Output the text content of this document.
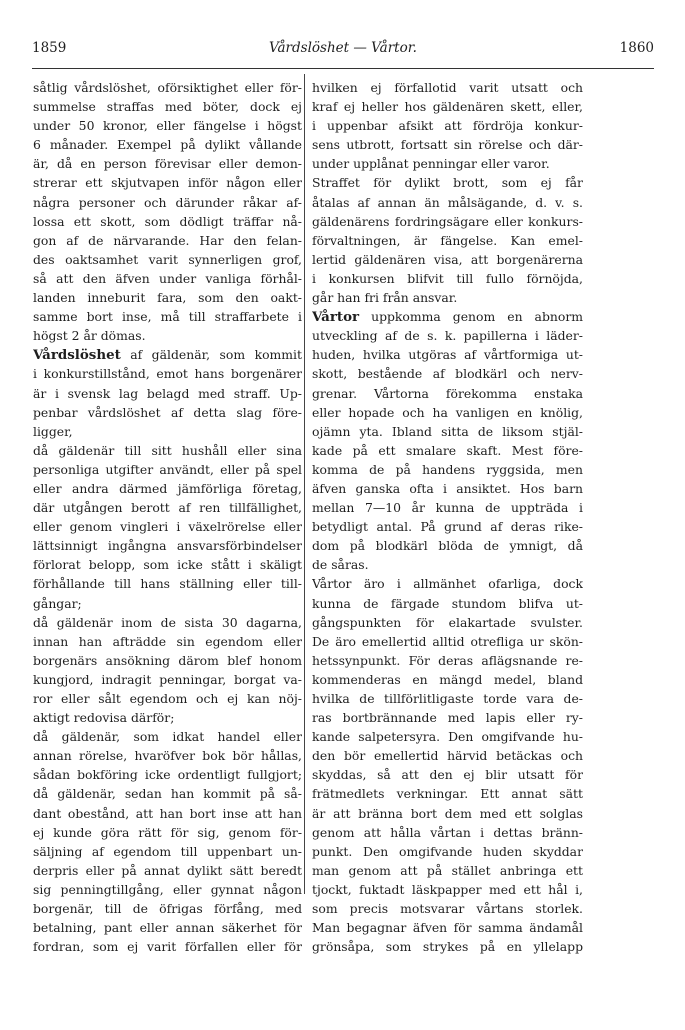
1859	Vårdslöshet — Vårtor.	1860
såtlig vårdslöshet, oförsiktighet eller för-
summelse straffas med böter, dock ej
under 50 kronor, eller fängelse i högst
6 månader. Exempel på dylikt vållande
är, då en person förevisar eller demon-
strerar ett skjutvapen inför någon eller
några personer och därunder råkar af-
lossa ett skott, som dödligt träffar nå-
gon af de närvarande. Har den felan-
des oaktsamhet varit synnerligen grof,
så att den äfven under vanliga förhål-
landen inneburit fara, som den oakt-
samme bort inse, må till straffarbete i
högst 2 år dömas.
Vårdslöshet af gäldenär, som kommit
i konkurstillstånd, emot hans borgenärer
är i svensk lag belagd med straff. Up-
penbar vårdslöshet af detta slag före-
ligger,
då gäldenär till sitt hushåll eller sina
personliga utgifter användt, eller på spel
eller andra därmed jämförliga företag,
där utgången berott af ren tillfällighet,
eller genom vingleri i växelrörelse eller
lättsinnigt ingångna ansvarsförbindelser
förlorat belopp, som icke stått i skäligt
förhållande till hans ställning eller till-
gångar;
då gäldenär inom de sista 30 dagarna,
innan han afträdde sin egendom eller
borgenärs ansökning därom blef honom
kungjord, indragit penningar, borgat va-
ror eller sålt egendom och ej kan nöj-
aktigt redovisa därför;
då gäldenär, som idkat handel eller
annan rörelse, hvaröfver bok bör hållas,
sådan bokföring icke ordentligt fullgjort;
då gäldenär, sedan han kommit på så-
dant obestånd, att han bort inse att han
ej kunde göra rätt för sig, genom för-
säljning af egendom till uppenbart un-
derpris eller på annat dylikt sätt beredt
sig penningtillgång, eller gynnat någon
borgenär, till de öfrigas förfång, med
betalning, pant eller annan säkerhet för
fordran, som ej varit förfallen eller för
hvilken ej förfallotid varit utsatt och
kraf ej heller hos gäldenären skett, eller,
i uppenbar afsikt att fördröja konkur-
sens utbrott, fortsatt sin rörelse och där-
under upplånat penningar eller varor.
Straffet för dylikt brott, som ej får
åtalas af annan än målsägande, d. v. s.
gäldenärens fordringsägare eller konkurs-
förvaltningen, är fängelse. Kan emel-
lertid gäldenären visa, att borgenärerna
i konkursen blifvit till fullo förnöjda,
går han fri från ansvar.
Vårtor uppkomma genom en abnorm
utveckling af de s. k. papillerna i läder-
huden, hvilka utgöras af vårtformiga ut-
skott, bestående af blodkärl och nerv-
grenar. Vårtorna förekomma enstaka
eller hopade och ha vanligen en knölig,
ojämn yta. Ibland sitta de liksom stjäl-
kade på ett smalare skaft. Mest före-
komma de på handens ryggsida, men
äfven ganska ofta i ansiktet. Hos barn
mellan 7—10 år kunna de uppträda i
betydligt antal. På grund af deras rike-
dom på blodkärl blöda de ymnigt, då
de såras.
Vårtor äro i allmänhet ofarliga, dock
kunna de färgade stundom blifva ut-
gångspunkten för elakartade svulster.
De äro emellertid alltid otrefliga ur skön-
hetssynpunkt. För deras aflägsnande re-
kommenderas en mängd medel, bland
hvilka de tillförlitligaste torde vara de-
ras bortbrännande med lapis eller ry-
kande salpetersyra. Den omgifvande hu-
den bör emellertid härvid betäckas och
skyddas, så att den ej blir utsatt för
frätmedlets verkningar. Ett annat sätt
är att bränna bort dem med ett solglas
genom att hålla vårtan i dettas bränn-
punkt. Den omgifvande huden skyddar
man genom att på stället anbringa ett
tjockt, fuktadt läskpapper med ett hål i,
som precis motsvarar vårtans storlek.
Man begagnar äfven för samma ändamål
grönsåpa, som strykes på en yllelapp
